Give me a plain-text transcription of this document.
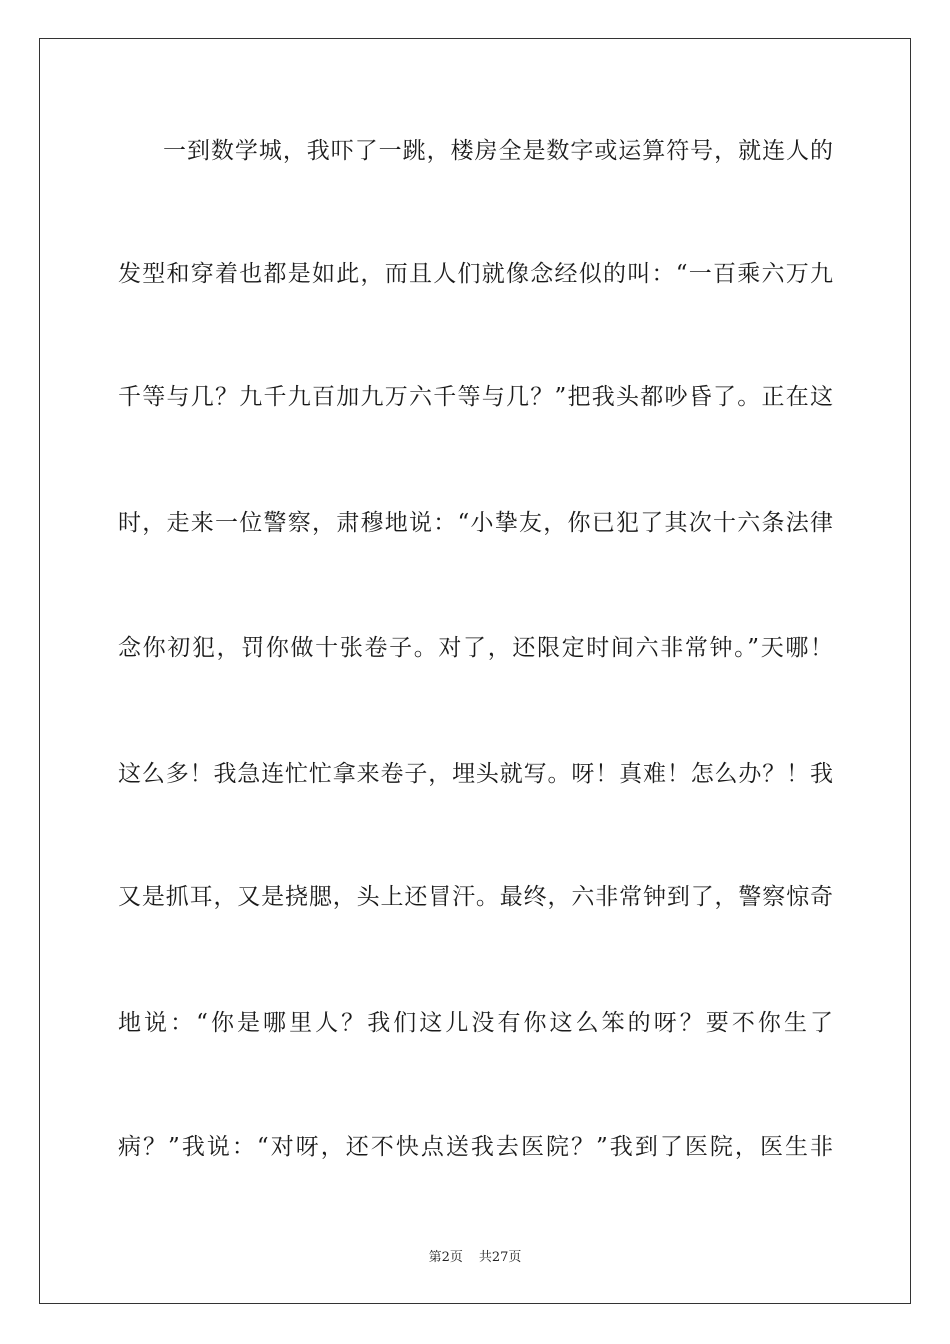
一到数学城，我吓了一跳，楼房全是数字或运算符号，就连人的
发型和穿着也都是如此，而且人们就像念经似的叫：“一百乘六万九
千等与几？九千九百加九万六千等与几？”把我头都吵昏了。正在这
时，走来一位警察，肃穆地说：“小挚友，你已犯了其次十六条法律
念你初犯，罚你做十张卷子。对了，还限定时间六非常钟。”天哪！
这么多！我急连忙忙拿来卷子，埋头就写。呀！真难！怎么办？！我
又是抓耳，又是挠腮，头上还冒汗。最终，六非常钟到了，警察惊奇
地说：“你是哪里人？我们这儿没有你这么笨的呀？要不你生了
病？”我说：“对呀，还不快点送我去医院？”我到了医院，医生非
第2页 共27页
